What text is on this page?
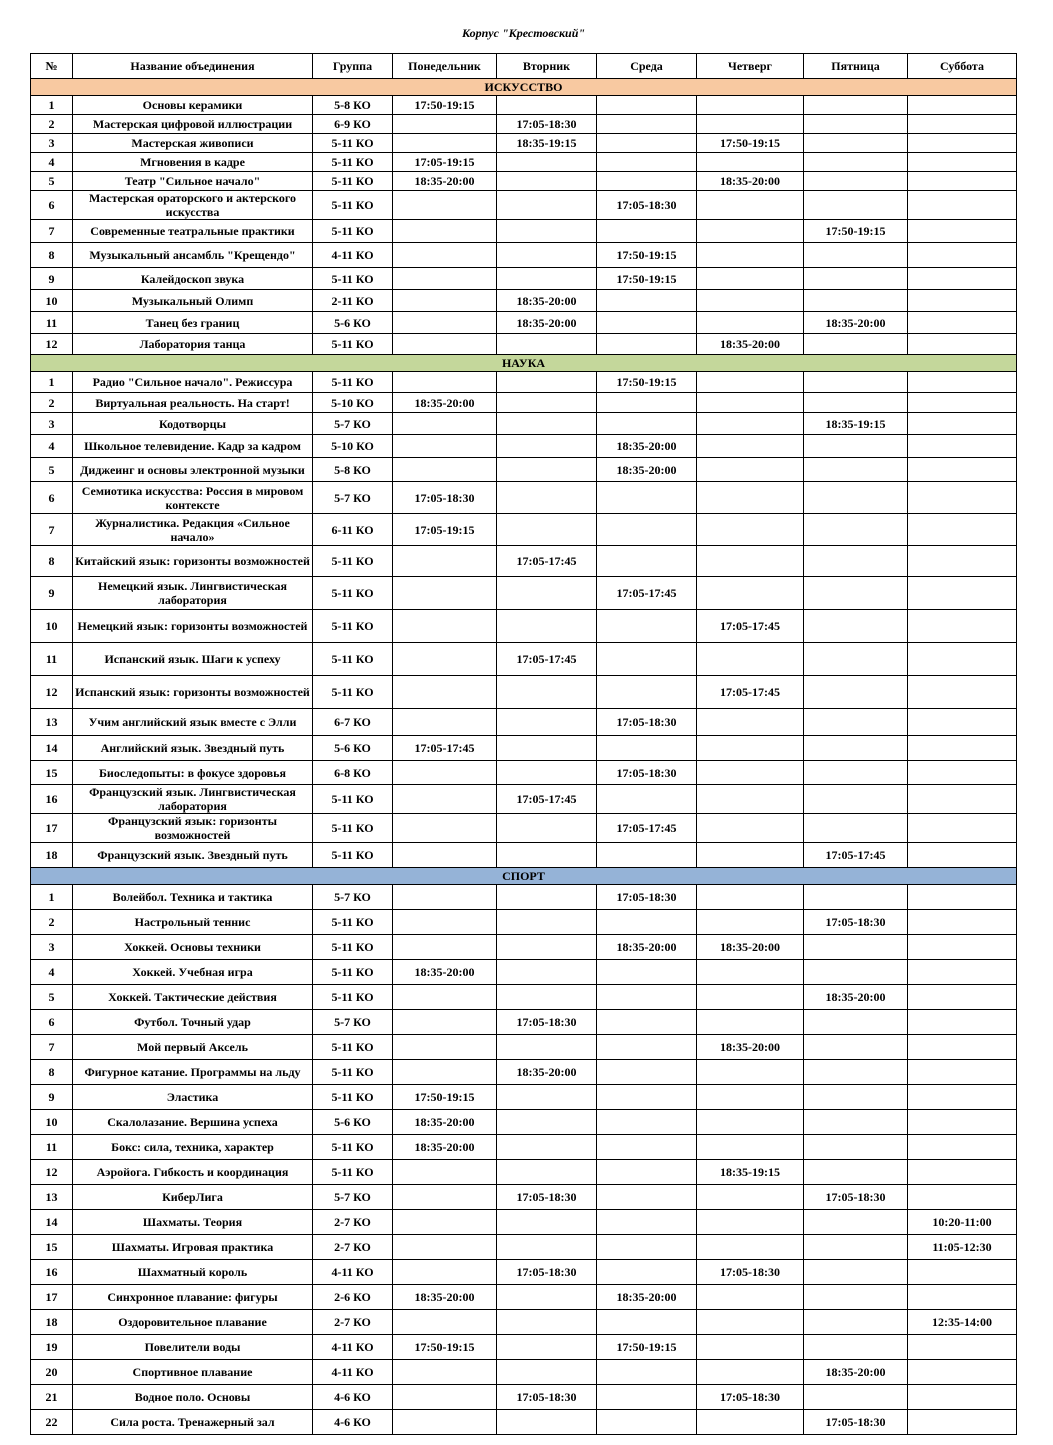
Корпус "Крестовский"
№	Название объединения	Группа	Понедельник	Вторник	Среда	Четверг	Пятница	Суббота
ИСКУССТВО								
1	Основы керамики	5-8 КО	17:50-19:15					
2	Мастерская цифровой иллюстрации	6-9 КО		17:05-18:30				
3	Мастерская живописи	5-11 КО		18:35-19:15		17:50-19:15		
4	Мгновения в кадре	5-11 КО	17:05-19:15					
5	Театр "Сильное начало"	5-11 КО	18:35-20:00			18:35-20:00		
6	Мастерская ораторского и актерского искусства	5-11 КО			17:05-18:30			
7	Современные театральные практики	5-11 КО					17:50-19:15	
8	Музыкальный ансамбль "Крещендо"	4-11 КО			17:50-19:15			
9	Калейдоскоп звука	5-11 КО			17:50-19:15			
10	Музыкальный Олимп	2-11 КО		18:35-20:00				
11	Танец без границ	5-6 КО		18:35-20:00			18:35-20:00	
12	Лаборатория танца	5-11 КО				18:35-20:00		
НАУКА								
1	Радио "Сильное начало". Режиссура	5-11 КО			17:50-19:15			
2	Виртуальная реальность. На старт!	5-10 КО	18:35-20:00					
3	Кодотворцы	5-7 КО					18:35-19:15	
4	Школьное телевидение. Кадр за кадром	5-10 КО			18:35-20:00			
5	Диджеинг и основы электронной музыки	5-8 КО			18:35-20:00			
6	Семиотика искусства: Россия в мировом контексте	5-7 КО	17:05-18:30					
7	Журналистика. Редакция «Сильное начало»	6-11 КО	17:05-19:15					
8	Китайский язык: горизонты возможностей	5-11 КО		17:05-17:45				
9	Немецкий язык. Лингвистическая лаборатория	5-11 КО			17:05-17:45			
10	Немецкий язык: горизонты возможностей	5-11 КО				17:05-17:45		
11	Испанский язык. Шаги к успеху	5-11 КО		17:05-17:45				
12	Испанский язык: горизонты возможностей	5-11 КО				17:05-17:45		
13	Учим английский язык вместе с Элли	6-7 КО			17:05-18:30			
14	Английский язык. Звездный путь	5-6 КО	17:05-17:45					
15	Биоследопыты: в фокусе здоровья	6-8 КО			17:05-18:30			
16	Французский язык. Лингвистическая лаборатория	5-11 КО		17:05-17:45				
17	Французский язык: горизонты возможностей	5-11 КО			17:05-17:45			
18	Французский язык. Звездный путь	5-11 КО					17:05-17:45	
СПОРТ								
1	Волейбол. Техника и тактика	5-7 КО			17:05-18:30			
2	Настрольный теннис	5-11 КО					17:05-18:30	
3	Хоккей. Основы техники	5-11 КО			18:35-20:00	18:35-20:00		
4	Хоккей. Учебная игра	5-11 КО	18:35-20:00					
5	Хоккей. Тактические действия	5-11 КО					18:35-20:00	
6	Футбол. Точный удар	5-7 КО		17:05-18:30				
7	Мой первый Аксель	5-11 КО				18:35-20:00		
8	Фигурное катание. Программы на льду	5-11 КО		18:35-20:00				
9	Эластика	5-11 КО	17:50-19:15					
10	Скалолазание. Вершина успеха	5-6 КО	18:35-20:00					
11	Бокс: сила, техника, характер	5-11 КО	18:35-20:00					
12	Аэройога. Гибкость и координация	5-11 КО				18:35-19:15		
13	КиберЛига	5-7 КО		17:05-18:30			17:05-18:30	
14	Шахматы. Теория	2-7 КО						10:20-11:00
15	Шахматы. Игровая практика	2-7 КО						11:05-12:30
16	Шахматный король	4-11 КО		17:05-18:30		17:05-18:30		
17	Синхронное плавание: фигуры	2-6 КО	18:35-20:00		18:35-20:00			
18	Оздоровительное плавание	2-7 КО						12:35-14:00
19	Повелители воды	4-11 КО	17:50-19:15		17:50-19:15			
20	Спортивное плавание	4-11 КО					18:35-20:00	
21	Водное поло. Основы	4-6 КО		17:05-18:30		17:05-18:30		
22	Сила роста. Тренажерный зал	4-6 КО					17:05-18:30	
